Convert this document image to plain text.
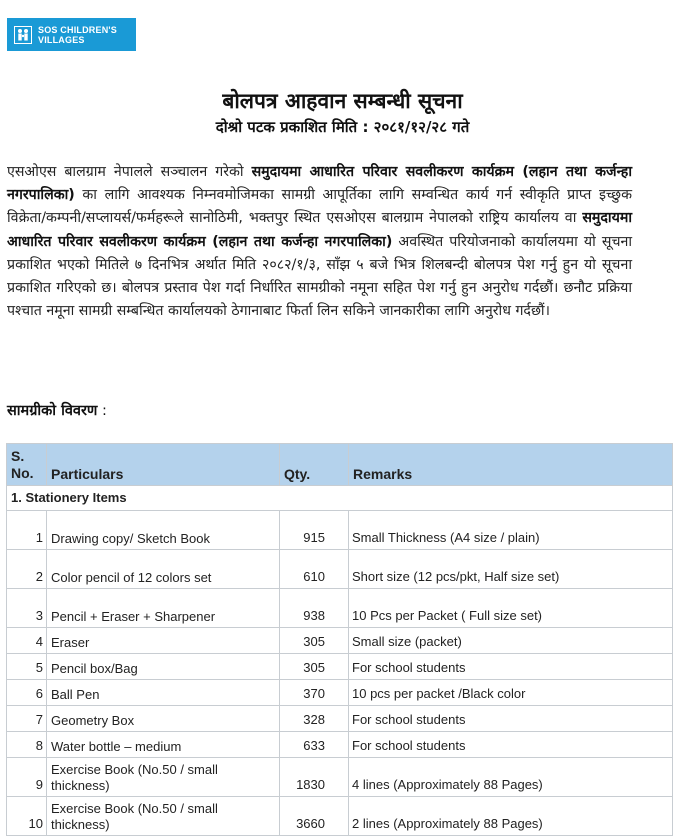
SOS CHILDREN'S
VILLAGES
बोलपत्र आहवान सम्बन्धी सूचना
दोश्रो पटक प्रकाशित मिति : २०८१/१२/२८ गते
एसओएस बालग्राम नेपालले सञ्चालन गरेको समुदायमा आधारित परिवार सवलीकरण कार्यक्रम (लहान तथा कर्जन्हा नगरपालिका) का लागि आवश्यक निम्नवमोजिमका सामग्री आपूर्तिका लागि सम्वन्धित कार्य गर्न स्वीकृति प्राप्त इच्छुक विक्रेता/कम्पनी/सप्लायर्स/फर्महरूले सानोठिमी, भक्तपुर स्थित एसओएस बालग्राम नेपालको राष्ट्रिय कार्यालय वा समुदायमा आधारित परिवार सवलीकरण कार्यक्रम (लहान तथा कर्जन्हा नगरपालिका) अवस्थित परियोजनाको कार्यालयमा यो सूचना प्रकाशित भएको मितिले ७ दिनभित्र अर्थात मिति २०८२/१/३, साँझ ५ बजे भित्र शिलबन्दी बोलपत्र पेश गर्नु हुन यो सूचना प्रकाशित गरिएको छ। बोलपत्र प्रस्ताव पेश गर्दा निर्धारित सामग्रीको नमूना सहित पेश गर्नु हुन अनुरोध गर्दछौं। छनौट प्रक्रिया पश्चात नमूना सामग्री सम्बन्धित कार्यालयको ठेगानाबाट फिर्ता लिन सकिने जानकारीका लागि अनुरोध गर्दछौं।
सामग्रीको विवरण :
S. No.	Particulars	Qty.	Remarks
1. Stationery Items			
1	Drawing copy/ Sketch Book	915	Small Thickness (A4 size / plain)
2	Color pencil of 12 colors set	610	Short size (12 pcs/pkt, Half size set)
3	Pencil + Eraser + Sharpener	938	10 Pcs per Packet ( Full size set)
4	Eraser	305	Small size (packet)
5	Pencil box/Bag	305	For school students
6	Ball Pen	370	10 pcs per packet /Black color
7	Geometry Box	328	For school students
8	Water bottle – medium	633	For school students
9	Exercise Book (No.50 / small thickness)	1830	4 lines (Approximately 88 Pages)
10	Exercise Book (No.50 / small thickness)	3660	2 lines (Approximately 88 Pages)
